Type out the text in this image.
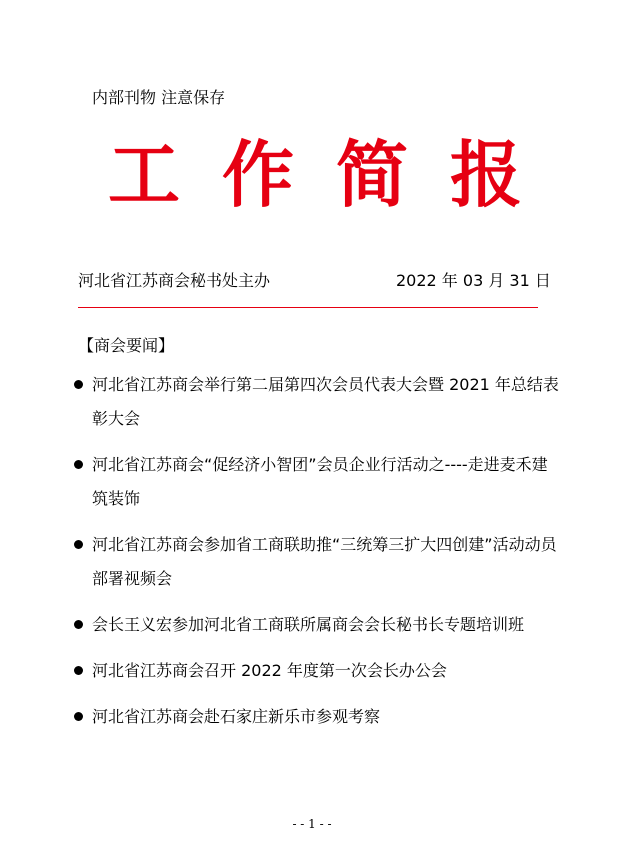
内部刊物 注意保存
工 作 简 报
河北省江苏商会秘书处主办	2022 年 03 月 31 日
【商会要闻】
河北省江苏商会举行第二届第四次会员代表大会暨 2021 年总结表彰大会
河北省江苏商会“促经济小智团”会员企业行活动之----走进麦禾建筑装饰
河北省江苏商会参加省工商联助推“三统筹三扩大四创建”活动动员部署视频会
会长王义宏参加河北省工商联所属商会会长秘书长专题培训班
河北省江苏商会召开 2022 年度第一次会长办公会
河北省江苏商会赴石家庄新乐市参观考察
- - 1 - -
